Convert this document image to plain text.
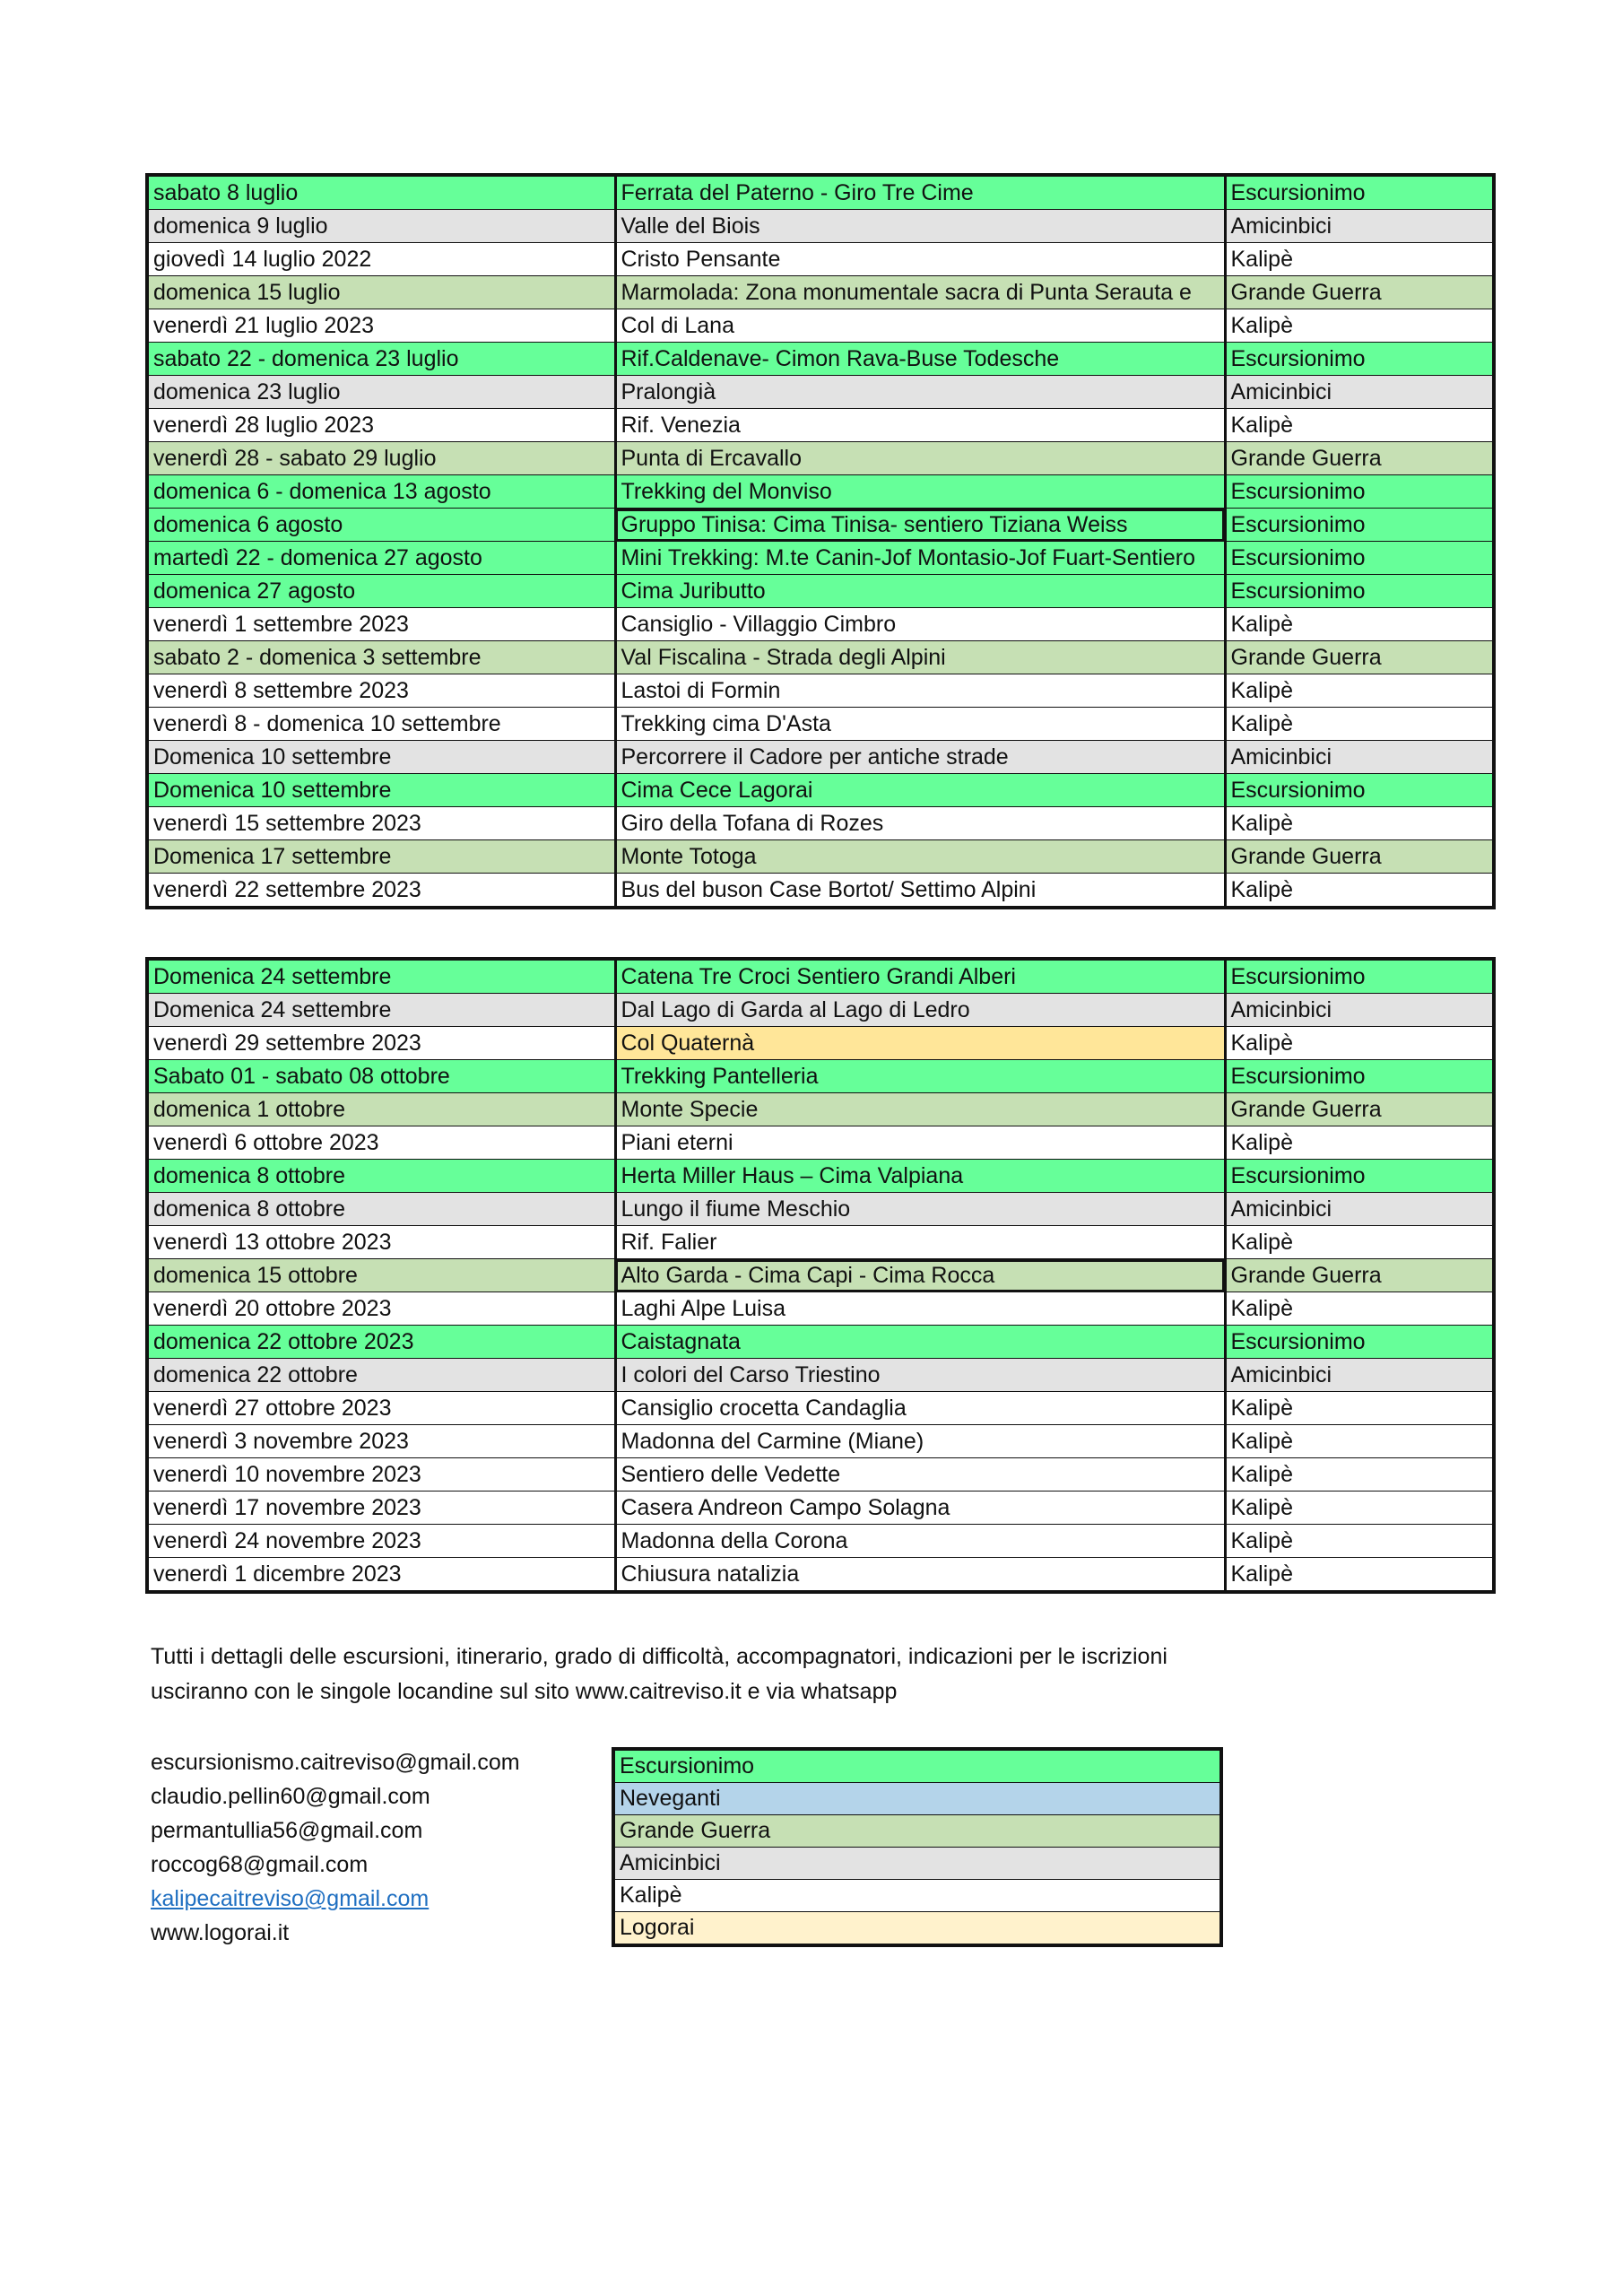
sabato 8 luglio	Ferrata del Paterno - Giro Tre Cime	Escursionimo
domenica 9 luglio	Valle del Biois	Amicinbici
giovedì 14 luglio 2022	Cristo Pensante	Kalipè
domenica 15 luglio	Marmolada: Zona monumentale sacra di Punta Serauta e	Grande Guerra
venerdì 21 luglio 2023	Col di Lana	Kalipè
sabato 22 - domenica 23 luglio	Rif.Caldenave- Cimon Rava-Buse Todesche	Escursionimo
domenica 23 luglio	Pralongià	Amicinbici
venerdì 28 luglio 2023	Rif. Venezia	Kalipè
venerdì 28 - sabato 29 luglio	Punta di Ercavallo	Grande Guerra
domenica 6 - domenica 13 agosto	Trekking del Monviso	Escursionimo
domenica 6 agosto	Gruppo Tinisa: Cima Tinisa- sentiero Tiziana Weiss	Escursionimo
martedì 22 - domenica 27 agosto	Mini Trekking: M.te Canin-Jof Montasio-Jof Fuart-Sentiero	Escursionimo
domenica 27 agosto	Cima Juributto	Escursionimo
venerdì 1 settembre 2023	Cansiglio - Villaggio Cimbro	Kalipè
sabato 2 - domenica 3 settembre	Val Fiscalina - Strada degli Alpini	Grande Guerra
venerdì 8 settembre 2023	Lastoi di Formin	Kalipè
venerdì 8 - domenica 10 settembre	Trekking cima D'Asta	Kalipè
Domenica 10 settembre	Percorrere il Cadore per antiche strade	Amicinbici
Domenica 10 settembre	Cima Cece Lagorai	Escursionimo
venerdì 15 settembre 2023	Giro della Tofana di Rozes	Kalipè
Domenica 17 settembre	Monte Totoga	Grande Guerra
venerdì 22 settembre 2023	Bus del buson Case Bortot/ Settimo Alpini	Kalipè
Domenica 24 settembre	Catena Tre Croci Sentiero Grandi Alberi	Escursionimo
Domenica 24 settembre	Dal Lago di Garda al Lago di Ledro	Amicinbici
venerdì 29 settembre 2023	Col Quaternà	Kalipè
Sabato 01 - sabato 08 ottobre	Trekking Pantelleria	Escursionimo
domenica 1 ottobre	Monte Specie	Grande Guerra
venerdì 6 ottobre 2023	Piani eterni	Kalipè
domenica 8 ottobre	Herta Miller Haus – Cima Valpiana	Escursionimo
domenica 8 ottobre	Lungo il fiume Meschio	Amicinbici
venerdì 13 ottobre 2023	Rif. Falier	Kalipè
domenica 15 ottobre	Alto Garda - Cima Capi - Cima Rocca	Grande Guerra
venerdì 20 ottobre 2023	Laghi Alpe Luisa	Kalipè
domenica 22 ottobre 2023	Caistagnata	Escursionimo
domenica 22 ottobre	I colori del Carso Triestino	Amicinbici
venerdì 27 ottobre 2023	Cansiglio crocetta Candaglia	Kalipè
venerdì 3 novembre 2023	Madonna del Carmine (Miane)	Kalipè
venerdì 10 novembre 2023	Sentiero delle Vedette	Kalipè
venerdì 17 novembre 2023	Casera Andreon Campo Solagna	Kalipè
venerdì 24 novembre 2023	Madonna della Corona	Kalipè
venerdì 1 dicembre 2023	Chiusura natalizia	Kalipè
Tutti i dettagli delle escursioni, itinerario, grado di difficoltà, accompagnatori, indicazioni per le iscrizioni
usciranno con le singole locandine sul sito www.caitreviso.it e via whatsapp
escursionismo.caitreviso@gmail.com
claudio.pellin60@gmail.com
permantullia56@gmail.com
roccog68@gmail.com
kalipecaitreviso@gmail.com
www.logorai.it
Escursionimo
Neveganti
Grande Guerra
Amicinbici
Kalipè
Logorai
